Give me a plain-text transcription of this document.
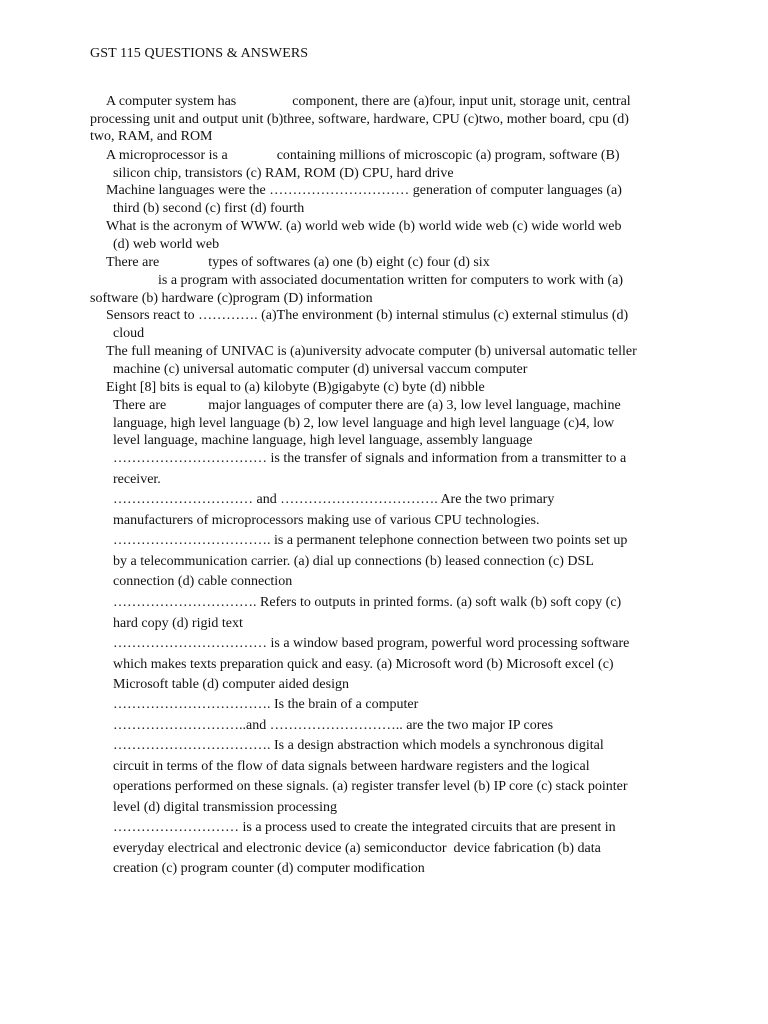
GST 115 QUESTIONS & ANSWERS
A computer system has                component, there are (a)four, input unit, storage unit, central
processing unit and output unit (b)three, software, hardware, CPU (c)two, mother board, cpu (d)
two, RAM, and ROM
A microprocessor is a              containing millions of microscopic (a) program, software (B)
silicon chip, transistors (c) RAM, ROM (D) CPU, hard drive
Machine languages were the ………………………… generation of computer languages (a)
third (b) second (c) first (d) fourth
What is the acronym of WWW. (a) world web wide (b) world wide web (c) wide world web
(d) web world web
There are              types of softwares (a) one (b) eight (c) four (d) six
is a program with associated documentation written for computers to work with (a)
software (b) hardware (c)program (D) information
Sensors react to …………. (a)The environment (b) internal stimulus (c) external stimulus (d)
cloud
The full meaning of UNIVAC is (a)university advocate computer (b) universal automatic teller
machine (c) universal automatic computer (d) universal vaccum computer
Eight [8] bits is equal to (a) kilobyte (B)gigabyte (c) byte (d) nibble
There are            major languages of computer there are (a) 3, low level language, machine
language, high level language (b) 2, low level language and high level language (c)4, low
level language, machine language, high level language, assembly language
…………………………… is the transfer of signals and information from a transmitter to a
receiver.
………………………… and ……………………………. Are the two primary
manufacturers of microprocessors making use of various CPU technologies.
……………………………. is a permanent telephone connection between two points set up
by a telecommunication carrier. (a) dial up connections (b) leased connection (c) DSL
connection (d) cable connection
…………………………. Refers to outputs in printed forms. (a) soft walk (b) soft copy (c)
hard copy (d) rigid text
…………………………… is a window based program, powerful word processing software
which makes texts preparation quick and easy. (a) Microsoft word (b) Microsoft excel (c)
Microsoft table (d) computer aided design
……………………………. Is the brain of a computer
………………………..and ……………………….. are the two major IP cores
……………………………. Is a design abstraction which models a synchronous digital
circuit in terms of the flow of data signals between hardware registers and the logical
operations performed on these signals. (a) register transfer level (b) IP core (c) stack pointer
level (d) digital transmission processing
……………………… is a process used to create the integrated circuits that are present in
everyday electrical and electronic device (a) semiconductor  device fabrication (b) data
creation (c) program counter (d) computer modification
